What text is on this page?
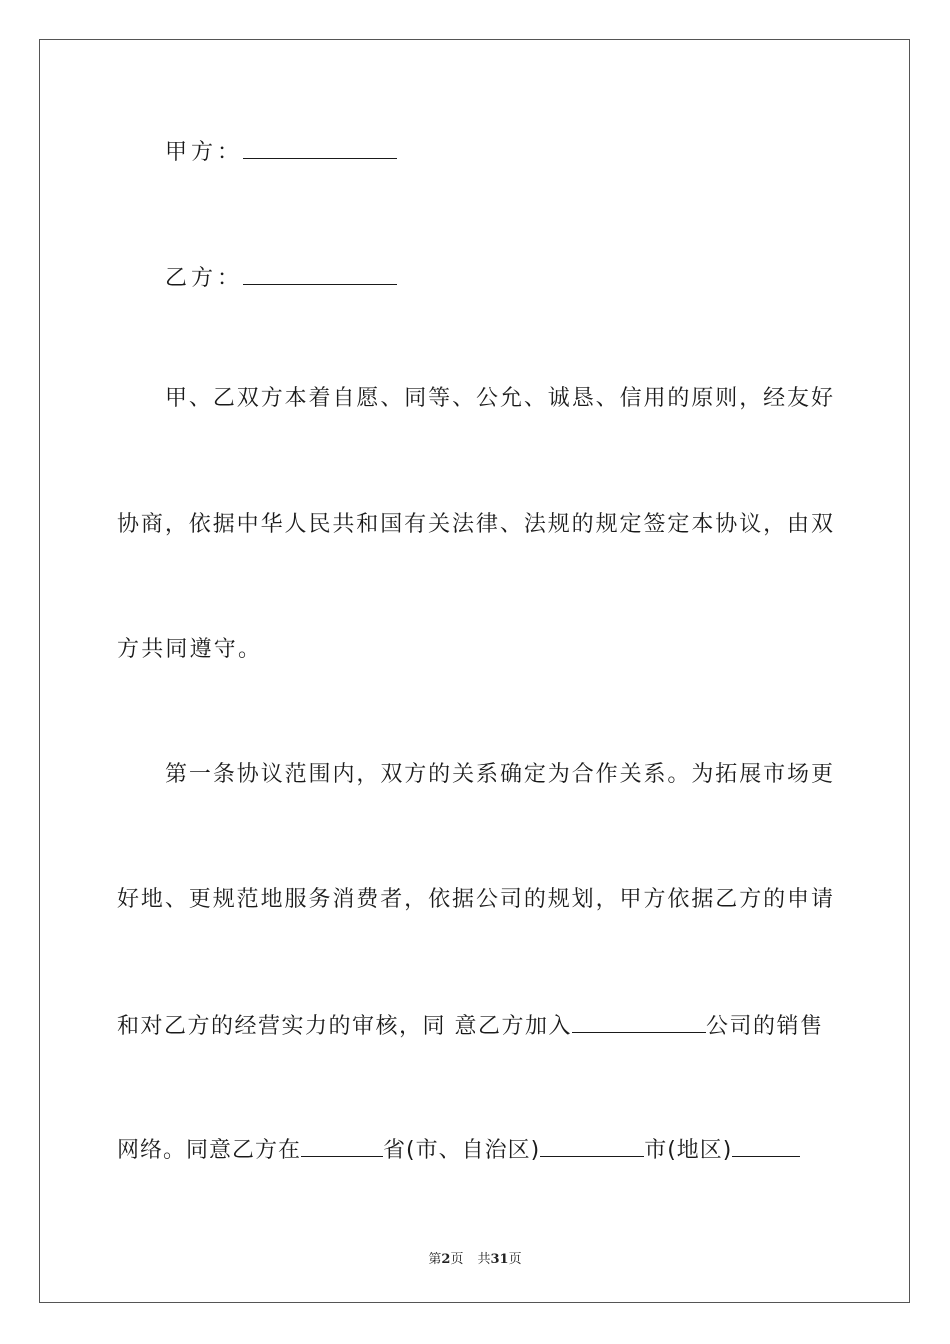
甲方：
乙方：
甲、乙双方本着自愿、同等、公允、诚恳、信用的原则，经友好
协商，依据中华人民共和国有关法律、法规的规定签定本协议，由双
方共同遵守。
第一条协议范围内，双方的关系确定为合作关系。为拓展市场更
好地、更规范地服务消费者，依据公司的规划，甲方依据乙方的申请
和对乙方的经营实力的审核，同 意乙方加入	公司的销售
网络。同意乙方在	省(市、自治区)	市(地区)
第2页 共31页
